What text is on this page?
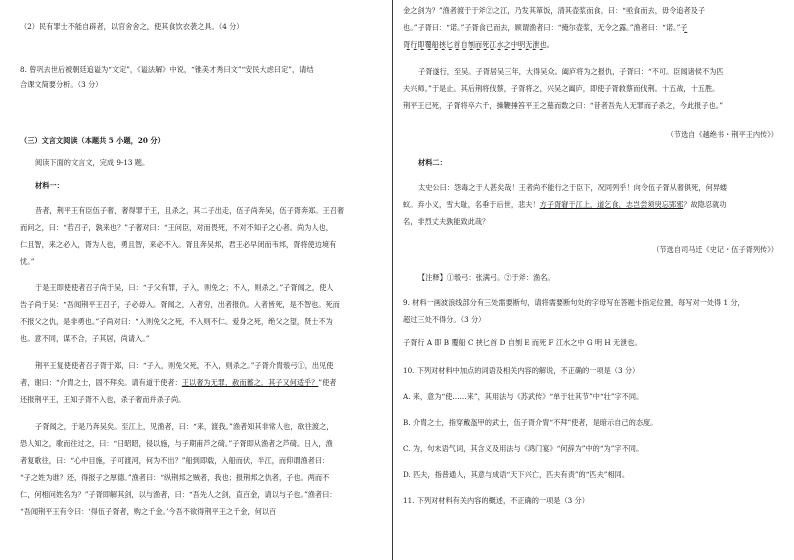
（2）民有罪士不能自辟者，以官舍舍之，使其食饮衣袭之具。（4 分）
8. 曾巩去世后被朝廷追谥为“文定”，《谥法解》中说，“锥美才秀曰文”“安民大虑曰定”，请结
合课文简要分析。（3 分）
（三）文言文阅读（本题共 5 小题，20 分）
阅读下面的文言文，完成 9-13 题。
材料一：
昔者，荆平王有臣伍子奢，奢得罪于王，且杀之，其二子出走，伍子尚奔吴，伍子胥奔郑。王召奢
而问之，曰：“若召子，孰来也？”子奢对曰：“王问臣，对而畏死，不对不知子之心者。尚为人也，
仁且智，来之必入，胥为人也，勇且智，来必不入。胥且奔吴邦，君王必早闭而韦邦，胥将使边境有
忧。”
于是王即使使者召子尚于吴，曰：“子父有罪，子入，则免之；不入，则杀之。”子胥闻之，使人
告子尚于吴：“吾闻荆平王召子，子必毋入。胥闻之，入者穷，出者报仇。入者皆死，是不智也。死而
不报父之仇，是非勇也。”子尚对曰：“入则免父之死，不入则不仁。爱身之死，绝父之望，贤士不为
也。意不同，谋不合，子其居，尚请入。”
荆平王复使使者召子胥于郑，曰：“子入，则免父死，不入，则杀之。”子胥介胄彀弓①，出见使
者，谢曰：“介胄之士，固不拜矣。请有道于使者：王以奢为无罪，赦而蓄之，其子又何适乎？”使者
还报荆平王，王知子胥不入也，杀子奢而并杀子尚。
子胥闻之，于是乃奔吴矣。至江上，见渔者，曰：“来，渡我。”渔者知其非常人也，欲往渡之，
恐人知之，歌而往过之，曰：“日昭昭，侵以施，与子期甫芦之碕。”子胥即从渔者之芦碕。日入，渔
者复歌往，曰：“心中目施，子可渡河，何为不出？”船到即载，入船而伏，半江，而仰谓渔者曰：
“子之姓为谁？还，得报子之厚德。”渔者曰：“纵荆邦之贼者，我也；报荆邦之仇者，子也。两而不
仁，何相问姓名为？”子胥即解其剑，以与渔者，曰：“吾先人之剑，直百金，请以与子也。”渔者曰：
“吾闻荆平王有令曰：‘得伍子胥者，购之千金。’今吾不欲得荆平王之千金，何以百
金之剑为？”渔者渡于于斧②之江，乃发其箪饭，清其壶浆而食，曰：“亟食而去，毋令追者及子
也。”子胥曰：“诺。”子胥食已而去，顾谓渔者曰：“掩尔壶浆，无令之露。”渔者曰：“诺。”子
胥行即覆船挟匕首自刎而死江水之中明无泄也。
子胥遂行，至吴。子胥居吴三年，大得吴众。阖庐将为之报仇，子胥曰：“不可。臣闻诸侯不为匹
夫兴师。”于是止。其后荆将伐蔡，子胥将之，兴吴之阖庐，即使子胥救蔡而伐荆。十五战，十五胜。
荆平王已死，子胥将卒六千，操鞭捶笞平王之墓而数之曰：“昔者吾先人无罪而子杀之，今此报子也。”
（节选自《越绝书・荆平王内传》）
材料二：
太史公曰：怨毒之于人甚矣哉！王者尚不能行之于臣下，况同列乎！向令伍子胥从奢俱死，何异蝼
蚁。弃小义，雪大耻，名垂于后世，悲夫！方子胥窘于江上，道乞食，志岂尝须臾忘郢邪？故隐忍就功
名，非烈丈夫孰能致此哉？
（节选自司马迁《史记・伍子胥列传》）
【注释】①彀弓：张满弓。②于斧：渔名。
9. 材料一画波浪线部分有三处需要断句，请将需要断句处的字母写在答题卡指定位置，每写对一处得 1 分，
超过三处不得分。（3 分）
子胥行 A 即 B 覆船 C 挟匕首 D 自刎 E 而死 F 江水之中 G 明 H 无泄也。
10. 下列对材料中加点的词语及相关内容的解说，不正确的一项是（3 分）
A. 来，意为“使……来”，其用法与《苏武传》“单于壮其节”中“壮”字不同。
B. 介胄之士，指穿戴盔甲的武士，伍子胥介胄“不拜”使者，是暗示自己的态度。
C. 为，句末语气词，其含义及用法与《鸿门宴》“何辞为”中的“为”字不同。
D. 匹夫，指普通人，其意与成语“天下兴亡，匹夫有责”的“匹夫”相同。
11. 下列对材料有关内容的概述，不正确的一项是（3 分）
